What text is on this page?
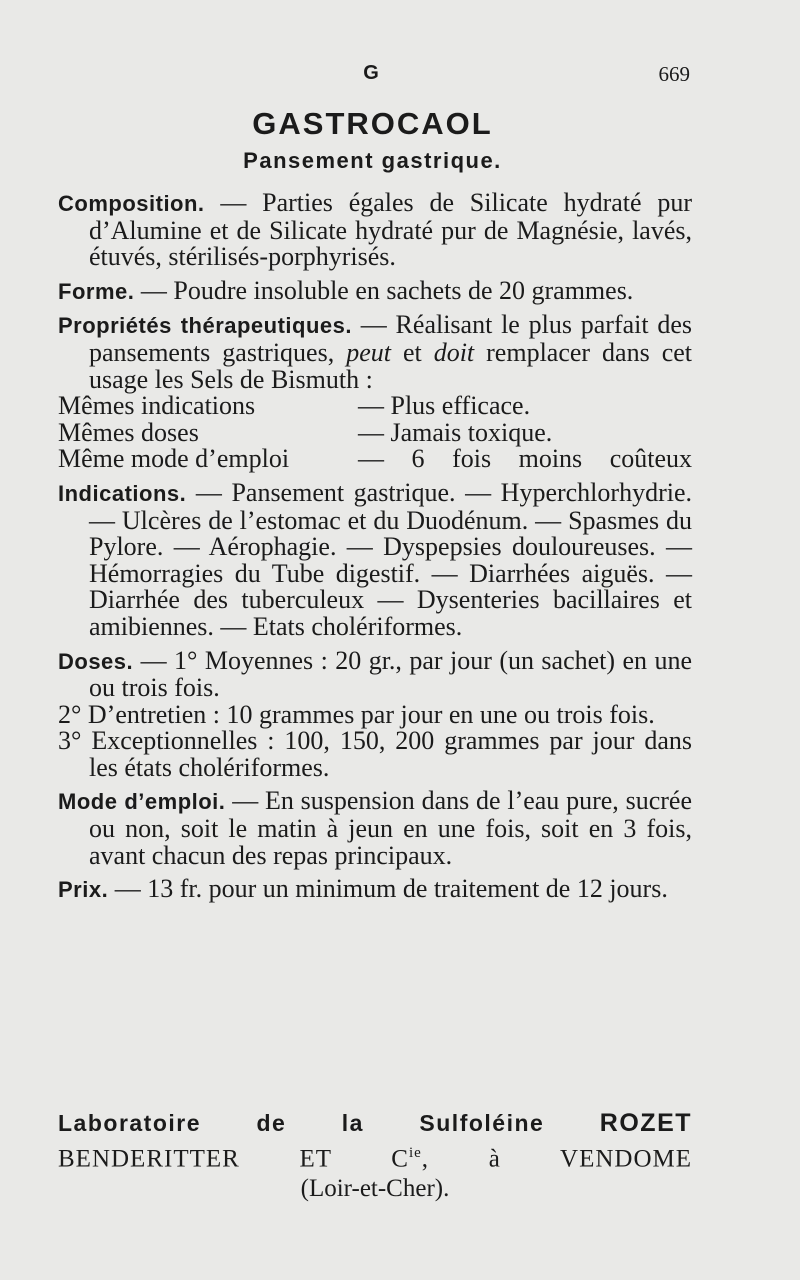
G	669
GASTROCAOL
Pansement gastrique.

Composition. — Parties égales de Silicate hydraté pur d’Alumine et de Silicate hydraté pur de Magnésie, lavés, étuvés, stérilisés-porphyrisés.

Forme. — Poudre insoluble en sachets de 20 grammes.

Propriétés thérapeutiques. — Réalisant le plus parfait des pansements gastriques, peut et doit remplacer dans cet usage les Sels de Bismuth :

Mêmes indications	— Plus efficace.
Mêmes doses	— Jamais toxique.
Même mode d’emploi	— 6 fois moins coûteux

Indications. — Pansement gastrique. — Hyperchlorhydrie. — Ulcères de l’estomac et du Duodénum. — Spasmes du Pylore. — Aérophagie. — Dyspepsies douloureuses. — Hémorragies du Tube digestif. — Diarrhées aiguës. — Diarrhée des tuberculeux — Dysenteries bacillaires et amibiennes. — Etats cholériformes.

Doses. — 1° Moyennes : 20 gr., par jour (un sachet) en une ou trois fois.

2° D’entretien : 10 grammes par jour en une ou trois fois.

3° Exceptionnelles : 100, 150, 200 grammes par jour dans les états cholériformes.

Mode d’emploi. — En suspension dans de l’eau pure, sucrée ou non, soit le matin à jeun en une fois, soit en 3 fois, avant chacun des repas principaux.

Prix. — 13 fr. pour un minimum de traitement de 12 jours.

Laboratoire de la Sulfoléine ROZET
BENDERITTER ET $C^{ie}$, à VENDOME
(Loir-et-Cher).
